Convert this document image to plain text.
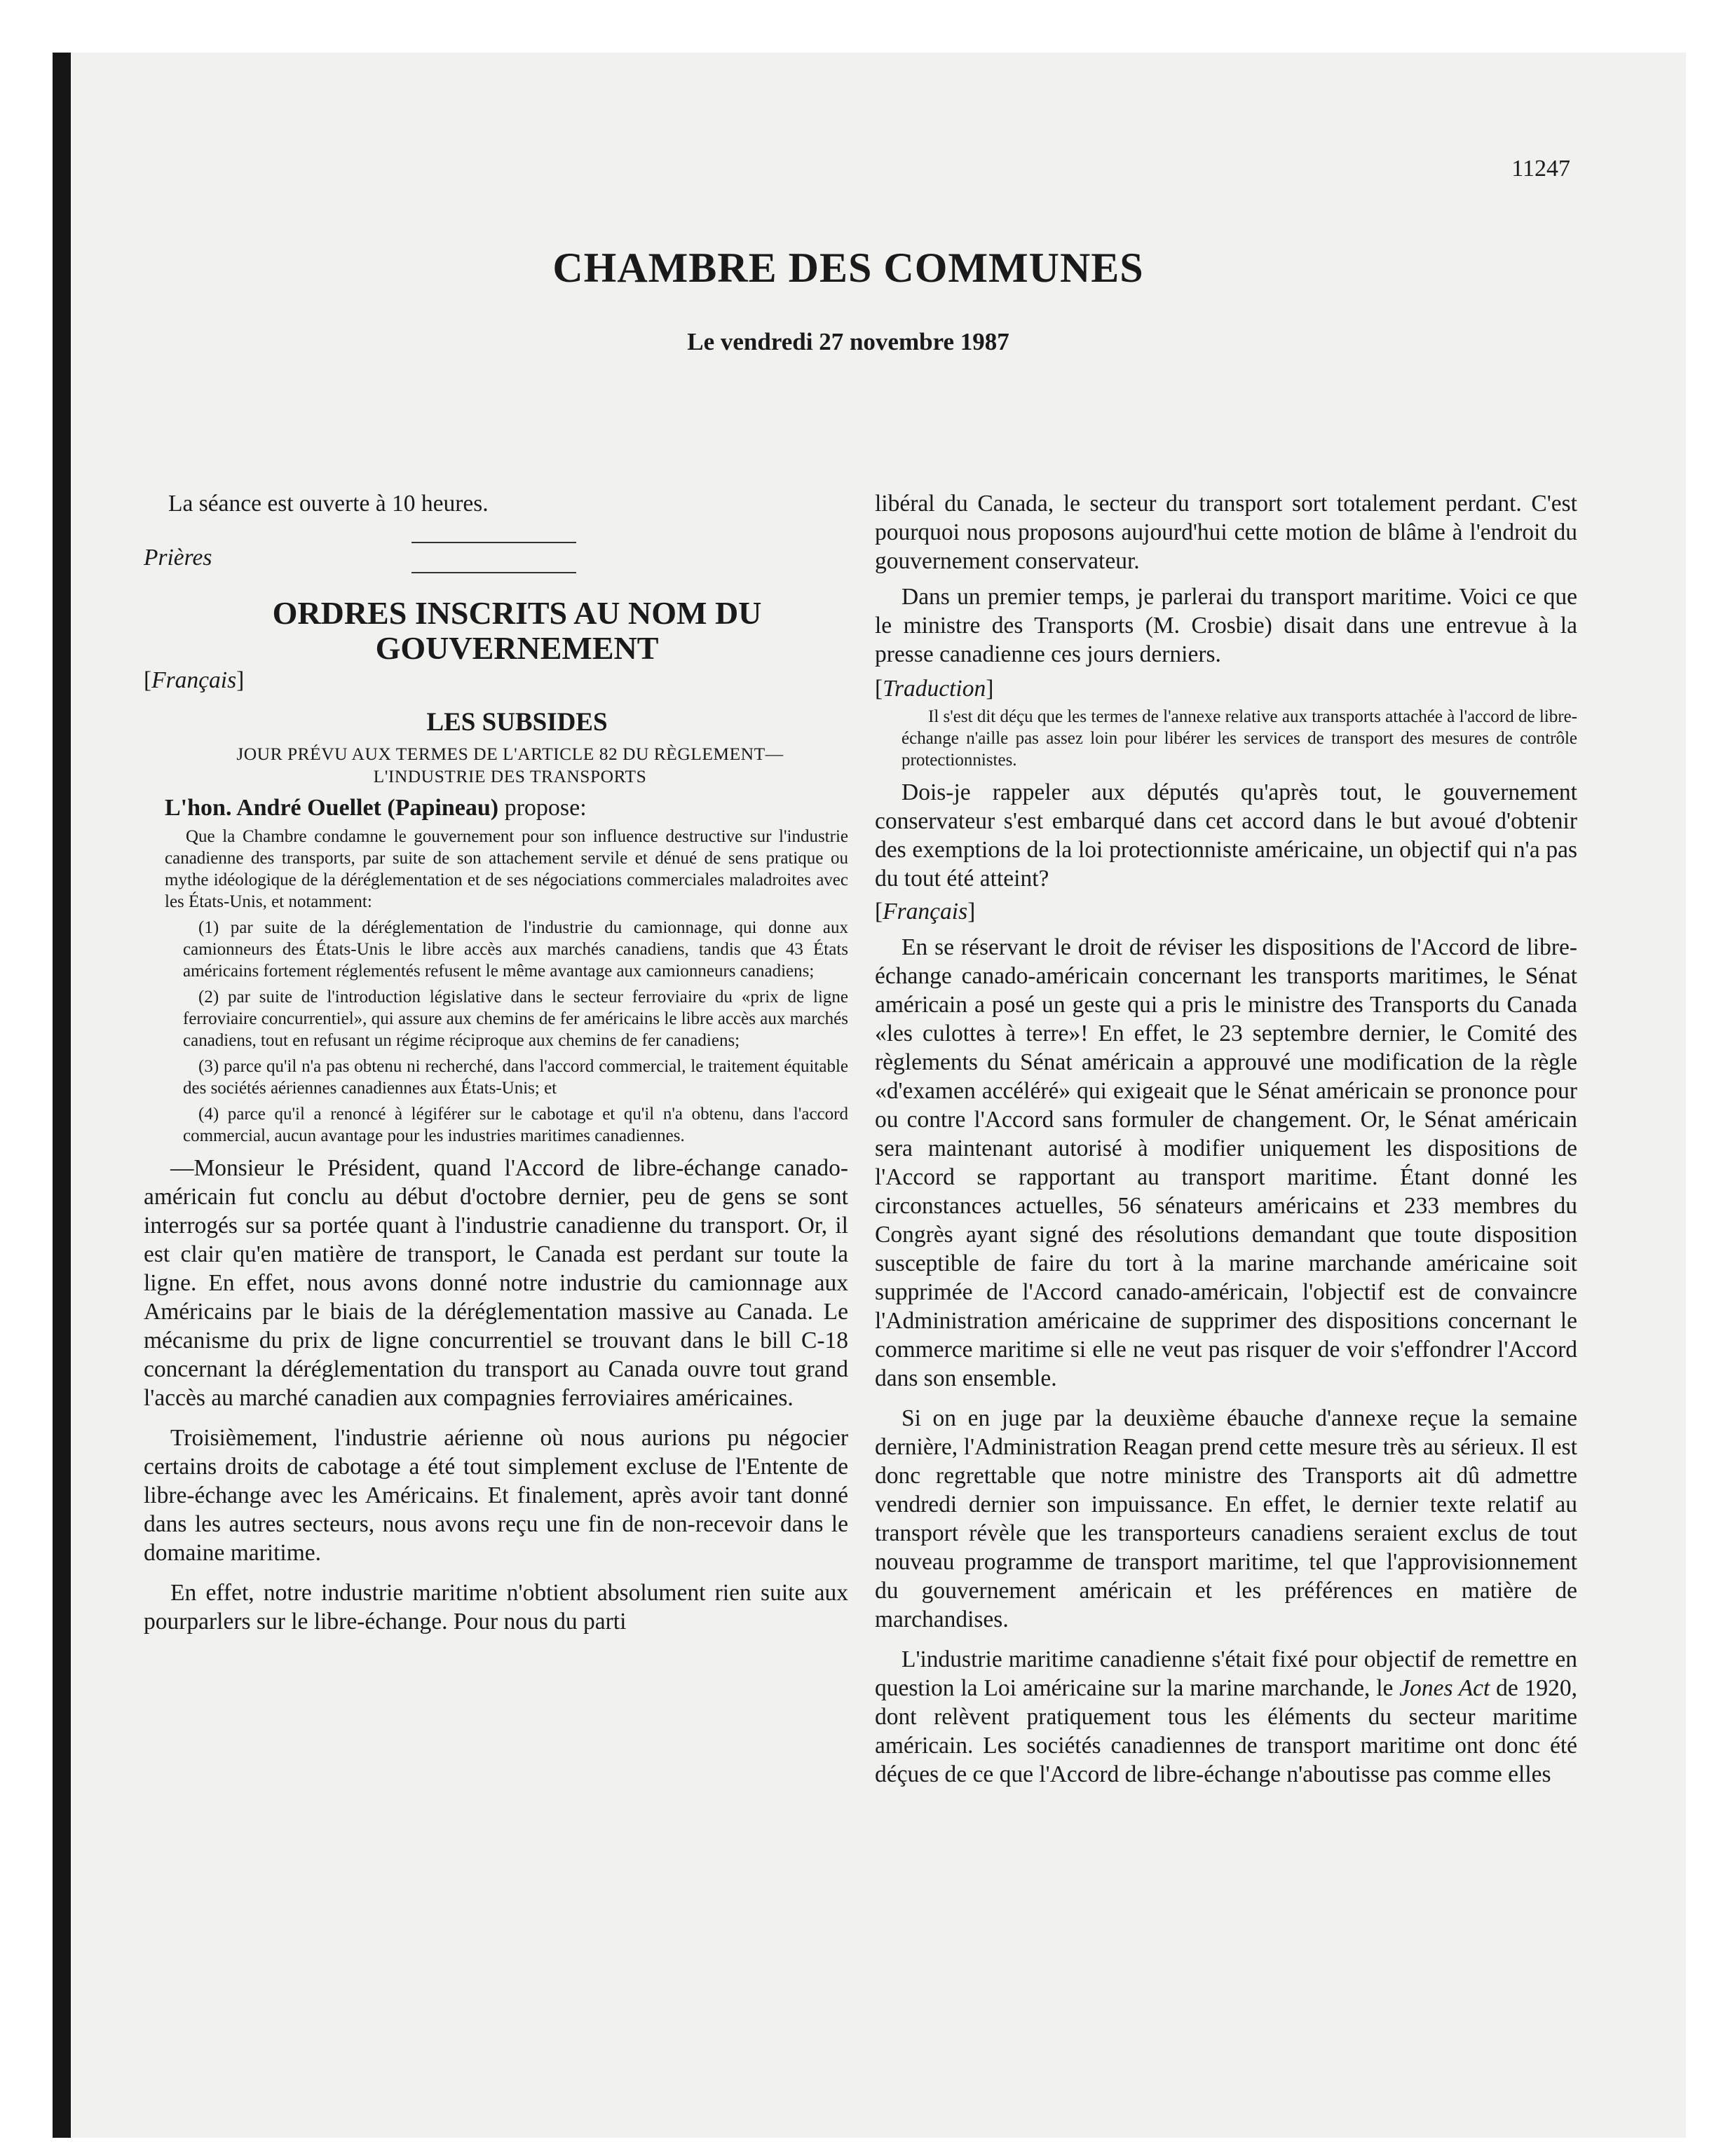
11247
CHAMBRE DES COMMUNES
Le vendredi 27 novembre 1987

La séance est ouverte à 10 heures.

Prières

ORDRES INSCRITS AU NOM DU GOUVERNEMENT

[Français]

LES SUBSIDES
JOUR PRÉVU AUX TERMES DE L'ARTICLE 82 DU RÈGLEMENT—
L'INDUSTRIE DES TRANSPORTS
L'hon. André Ouellet (Papineau) propose:

Que la Chambre condamne le gouvernement pour son influence destructive sur l'industrie canadienne des transports, par suite de son attachement servile et dénué de sens pratique ou mythe idéologique de la déréglementation et de ses négociations commerciales maladroites avec les États-Unis, et notamment:

(1) par suite de la déréglementation de l'industrie du camionnage, qui donne aux camionneurs des États-Unis le libre accès aux marchés canadiens, tandis que 43 États américains fortement réglementés refusent le même avantage aux camionneurs canadiens;

(2) par suite de l'introduction législative dans le secteur ferroviaire du «prix de ligne ferroviaire concurrentiel», qui assure aux chemins de fer américains le libre accès aux marchés canadiens, tout en refusant un régime réciproque aux chemins de fer canadiens;

(3) parce qu'il n'a pas obtenu ni recherché, dans l'accord commercial, le traitement équitable des sociétés aériennes canadiennes aux États-Unis; et

(4) parce qu'il a renoncé à légiférer sur le cabotage et qu'il n'a obtenu, dans l'accord commercial, aucun avantage pour les industries maritimes canadiennes.

—Monsieur le Président, quand l'Accord de libre-échange canado-américain fut conclu au début d'octobre dernier, peu de gens se sont interrogés sur sa portée quant à l'industrie canadienne du transport. Or, il est clair qu'en matière de transport, le Canada est perdant sur toute la ligne. En effet, nous avons donné notre industrie du camionnage aux Américains par le biais de la déréglementation massive au Canada. Le mécanisme du prix de ligne concurrentiel se trouvant dans le bill C-18 concernant la déréglementation du transport au Canada ouvre tout grand l'accès au marché canadien aux compagnies ferroviaires américaines.

Troisièmement, l'industrie aérienne où nous aurions pu négocier certains droits de cabotage a été tout simplement excluse de l'Entente de libre-échange avec les Américains. Et finalement, après avoir tant donné dans les autres secteurs, nous avons reçu une fin de non-recevoir dans le domaine maritime.

En effet, notre industrie maritime n'obtient absolument rien suite aux pourparlers sur le libre-échange. Pour nous du parti

libéral du Canada, le secteur du transport sort totalement perdant. C'est pourquoi nous proposons aujourd'hui cette motion de blâme à l'endroit du gouvernement conservateur.

Dans un premier temps, je parlerai du transport maritime. Voici ce que le ministre des Transports (M. Crosbie) disait dans une entrevue à la presse canadienne ces jours derniers.

[Traduction]

Il s'est dit déçu que les termes de l'annexe relative aux transports attachée à l'accord de libre-échange n'aille pas assez loin pour libérer les services de transport des mesures de contrôle protectionnistes.

Dois-je rappeler aux députés qu'après tout, le gouvernement conservateur s'est embarqué dans cet accord dans le but avoué d'obtenir des exemptions de la loi protectionniste américaine, un objectif qui n'a pas du tout été atteint?

[Français]

En se réservant le droit de réviser les dispositions de l'Accord de libre-échange canado-américain concernant les transports maritimes, le Sénat américain a posé un geste qui a pris le ministre des Transports du Canada «les culottes à terre»! En effet, le 23 septembre dernier, le Comité des règlements du Sénat américain a approuvé une modification de la règle «d'examen accéléré» qui exigeait que le Sénat américain se prononce pour ou contre l'Accord sans formuler de changement. Or, le Sénat américain sera maintenant autorisé à modifier uniquement les dispositions de l'Accord se rapportant au transport maritime. Étant donné les circonstances actuelles, 56 sénateurs américains et 233 membres du Congrès ayant signé des résolutions demandant que toute disposition susceptible de faire du tort à la marine marchande américaine soit supprimée de l'Accord canado-américain, l'objectif est de convaincre l'Administration américaine de supprimer des dispositions concernant le commerce maritime si elle ne veut pas risquer de voir s'effondrer l'Accord dans son ensemble.

Si on en juge par la deuxième ébauche d'annexe reçue la semaine dernière, l'Administration Reagan prend cette mesure très au sérieux. Il est donc regrettable que notre ministre des Transports ait dû admettre vendredi dernier son impuissance. En effet, le dernier texte relatif au transport révèle que les transporteurs canadiens seraient exclus de tout nouveau programme de transport maritime, tel que l'approvisionnement du gouvernement américain et les préférences en matière de marchandises.

L'industrie maritime canadienne s'était fixé pour objectif de remettre en question la Loi américaine sur la marine marchande, le Jones Act de 1920, dont relèvent pratiquement tous les éléments du secteur maritime américain. Les sociétés canadiennes de transport maritime ont donc été déçues de ce que l'Accord de libre-échange n'aboutisse pas comme elles
